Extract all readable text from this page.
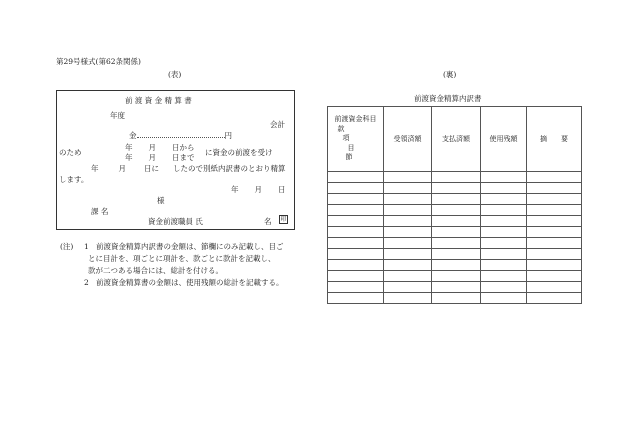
第29号様式(第62条関係)
(表)
前 渡 資 金 精 算 書
年度
会計
金	円
のため
年 月 日から
年 月 日まで
に資金の前渡を受け
年	月 日に したので別紙内訳書のとおり精算
します。
年 月 日
様
課 名
資金前渡職員 氏	名 印
(注) 1 前渡資金精算内訳書の金額は、節欄にのみ記載し、目ご
とに目計を、項ごとに項計を、款ごとに款計を記載し、
款が二つある場合には、総計を付ける。
2 前渡資金精算書の金額は、使用残額の総計を記載する。
(裏)
前渡資金精算内訳書
前渡資金科目
款
項
目
節	受領済額	支払済額	使用残額	摘　　要
